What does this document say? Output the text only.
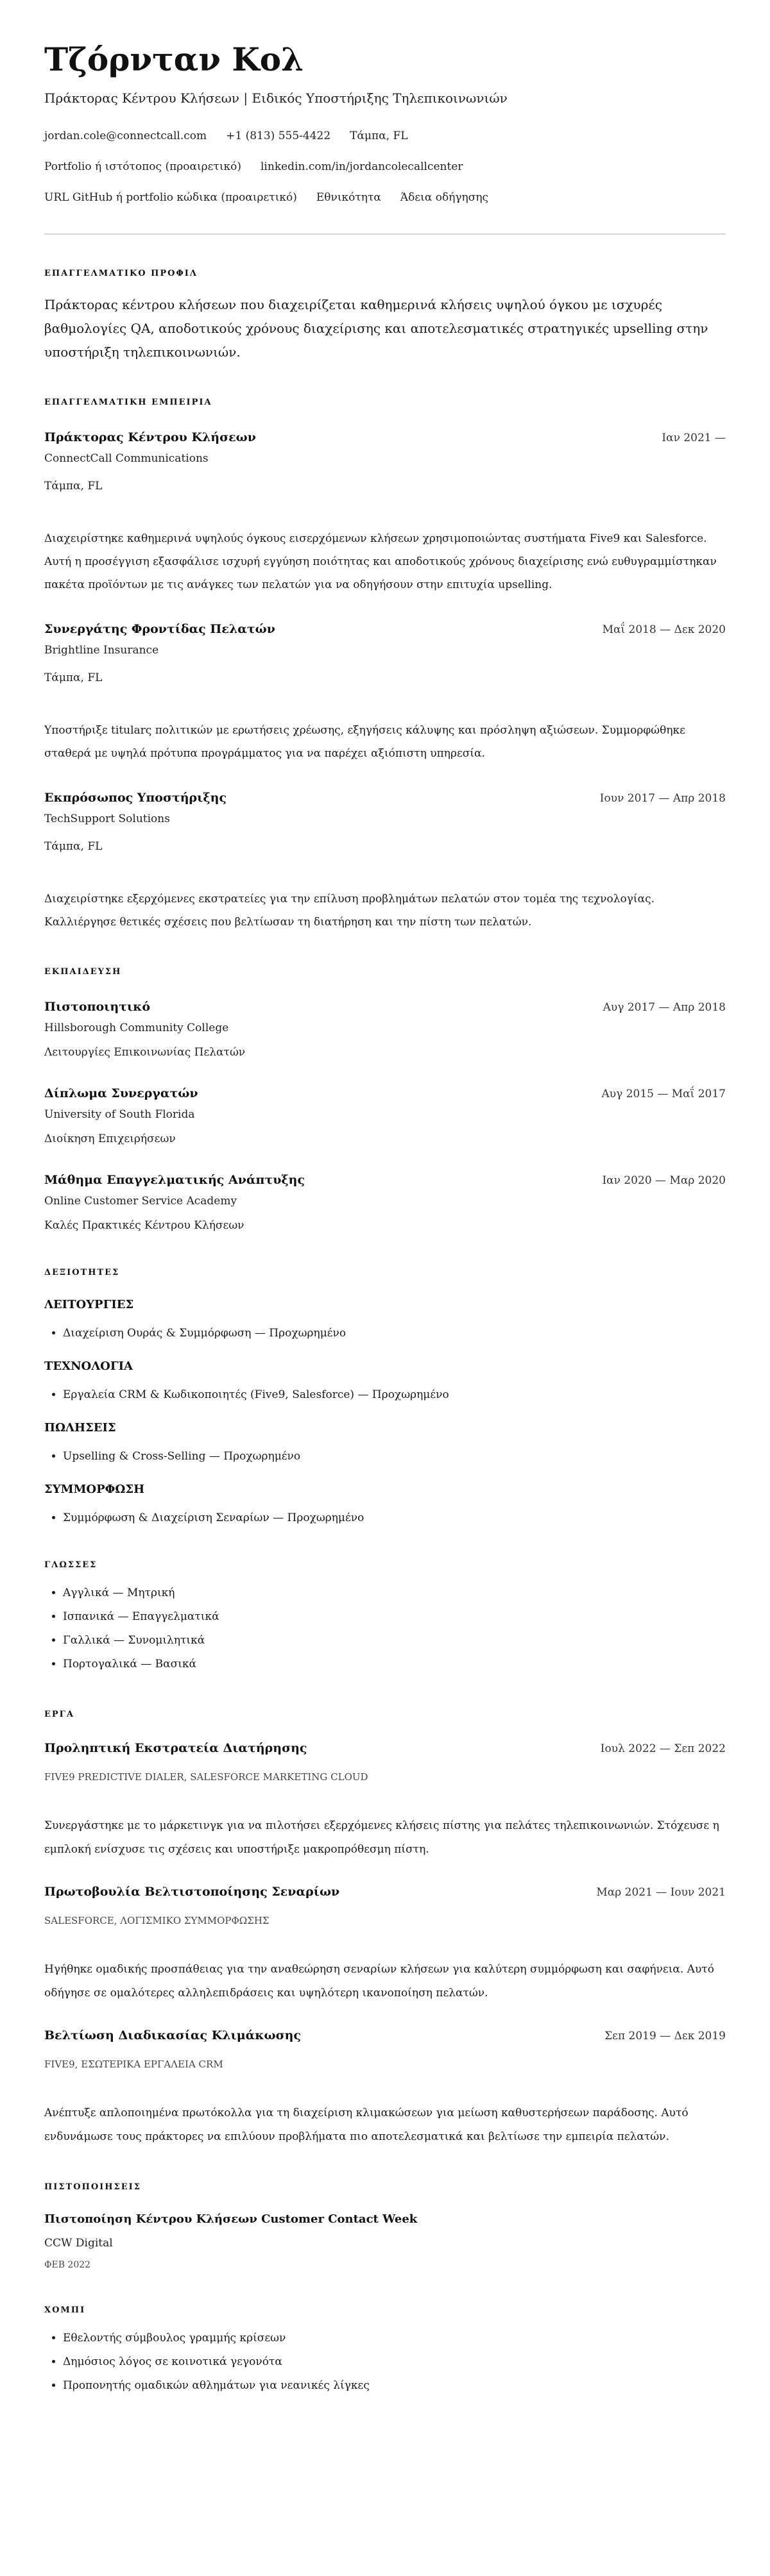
Τζόρνταν Κολ
Πράκτορας Κέντρου Κλήσεων | Ειδικός Υποστήριξης Τηλεπικοινωνιών
jordan.cole@connectcall.com +1 (813) 555-4422 Τάμπα, FL
Portfolio ή ιστότοπος (προαιρετικό) linkedin.com/in/jordancolecallcenter
URL GitHub ή portfolio κώδικα (προαιρετικό) Εθνικότητα Άδεια οδήγησης
ΕΠΑΓΓΕΛΜΑΤΙΚΟ ΠΡΟΦΙΛ
Πράκτορας κέντρου κλήσεων που διαχειρίζεται καθημερινά κλήσεις υψηλού όγκου με ισχυρές βαθμολογίες QA, αποδοτικούς χρόνους διαχείρισης και αποτελεσματικές στρατηγικές upselling στην υποστήριξη τηλεπικοινωνιών.
ΕΠΑΓΓΕΛΜΑΤΙΚΗ ΕΜΠΕΙΡΙΑ
Πράκτορας Κέντρου Κλήσεων	Ιαν 2021 —
ConnectCall Communications
Τάμπα, FL
Διαχειρίστηκε καθημερινά υψηλούς όγκους εισερχόμενων κλήσεων χρησιμοποιώντας συστήματα Five9 και Salesforce. Αυτή η προσέγγιση εξασφάλισε ισχυρή εγγύηση ποιότητας και αποδοτικούς χρόνους διαχείρισης ενώ ευθυγραμμίστηκαν πακέτα προϊόντων με τις ανάγκες των πελατών για να οδηγήσουν στην επιτυχία upselling.
Συνεργάτης Φροντίδας Πελατών	Μαΐ 2018 — Δεκ 2020
Brightline Insurance
Τάμπα, FL
Υποστήριξε titularς πολιτικών με ερωτήσεις χρέωσης, εξηγήσεις κάλυψης και πρόσληψη αξιώσεων. Συμμορφώθηκε σταθερά με υψηλά πρότυπα προγράμματος για να παρέχει αξιόπιστη υπηρεσία.
Εκπρόσωπος Υποστήριξης	Ιουν 2017 — Απρ 2018
TechSupport Solutions
Τάμπα, FL
Διαχειρίστηκε εξερχόμενες εκστρατείες για την επίλυση προβλημάτων πελατών στον τομέα της τεχνολογίας. Καλλιέργησε θετικές σχέσεις που βελτίωσαν τη διατήρηση και την πίστη των πελατών.
ΕΚΠΑΙΔΕΥΣΗ
Πιστοποιητικό	Αυγ 2017 — Απρ 2018
Hillsborough Community College
Λειτουργίες Επικοινωνίας Πελατών
Δίπλωμα Συνεργατών	Αυγ 2015 — Μαΐ 2017
University of South Florida
Διοίκηση Επιχειρήσεων
Μάθημα Επαγγελματικής Ανάπτυξης	Ιαν 2020 — Μαρ 2020
Online Customer Service Academy
Καλές Πρακτικές Κέντρου Κλήσεων
ΔΕΞΙΟΤΗΤΕΣ
ΛΕΙΤΟΥΡΓΙΕΣ
• Διαχείριση Ουράς & Συμμόρφωση — Προχωρημένο
ΤΕΧΝΟΛΟΓΙΑ
• Εργαλεία CRM & Κωδικοποιητές (Five9, Salesforce) — Προχωρημένο
ΠΩΛΗΣΕΙΣ
• Upselling & Cross-Selling — Προχωρημένο
ΣΥΜΜΟΡΦΩΣΗ
• Συμμόρφωση & Διαχείριση Σεναρίων — Προχωρημένο
ΓΛΩΣΣΕΣ
• Αγγλικά — Μητρική
• Ισπανικά — Επαγγελματικά
• Γαλλικά — Συνομιλητικά
• Πορτογαλικά — Βασικά
ΕΡΓΑ
Προληπτική Εκστρατεία Διατήρησης	Ιουλ 2022 — Σεπ 2022
FIVE9 PREDICTIVE DIALER, SALESFORCE MARKETING CLOUD
Συνεργάστηκε με το μάρκετινγκ για να πιλοτήσει εξερχόμενες κλήσεις πίστης για πελάτες τηλεπικοινωνιών. Στόχευσε η εμπλοκή ενίσχυσε τις σχέσεις και υποστήριξε μακροπρόθεσμη πίστη.
Πρωτοβουλία Βελτιστοποίησης Σεναρίων	Μαρ 2021 — Ιουν 2021
SALESFORCE, ΛΟΓΙΣΜΙΚΟ ΣΥΜΜΟΡΦΩΣΗΣ
Ηγήθηκε ομαδικής προσπάθειας για την αναθεώρηση σεναρίων κλήσεων για καλύτερη συμμόρφωση και σαφήνεια. Αυτό οδήγησε σε ομαλότερες αλληλεπιδράσεις και υψηλότερη ικανοποίηση πελατών.
Βελτίωση Διαδικασίας Κλιμάκωσης	Σεπ 2019 — Δεκ 2019
FIVE9, ΕΣΩΤΕΡΙΚΑ ΕΡΓΑΛΕΙΑ CRM
Ανέπτυξε απλοποιημένα πρωτόκολλα για τη διαχείριση κλιμακώσεων για μείωση καθυστερήσεων παράδοσης. Αυτό ενδυνάμωσε τους πράκτορες να επιλύουν προβλήματα πιο αποτελεσματικά και βελτίωσε την εμπειρία πελατών.
ΠΙΣΤΟΠΟΙΗΣΕΙΣ
Πιστοποίηση Κέντρου Κλήσεων Customer Contact Week
CCW Digital
ΦΕΒ 2022
ΧΟΜΠΙ
• Εθελοντής σύμβουλος γραμμής κρίσεων
• Δημόσιος λόγος σε κοινοτικά γεγονότα
• Προπονητής ομαδικών αθλημάτων για νεανικές λίγκες
